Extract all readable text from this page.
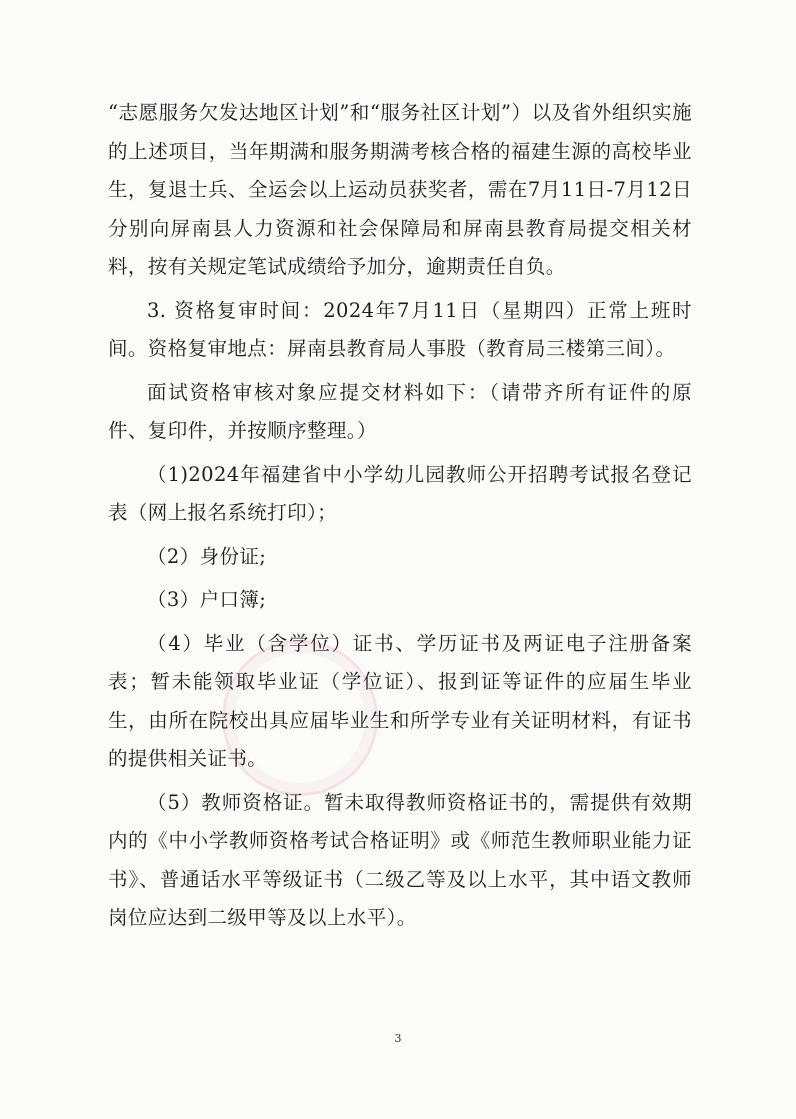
“志愿服务欠发达地区计划”和“服务社区计划”）以及省外组织实施的上述项目，当年期满和服务期满考核合格的福建生源的高校毕业生，复退士兵、全运会以上运动员获奖者，需在7月11日-7月12日分别向屏南县人力资源和社会保障局和屏南县教育局提交相关材料，按有关规定笔试成绩给予加分，逾期责任自负。

3. 资格复审时间：2024年7月11日（星期四）正常上班时间。资格复审地点：屏南县教育局人事股（教育局三楼第三间）。

面试资格审核对象应提交材料如下：（请带齐所有证件的原件、复印件，并按顺序整理。）

（1)2024年福建省中小学幼儿园教师公开招聘考试报名登记表（网上报名系统打印）；

（2）身份证;

（3）户口簿;

（4）毕业（含学位）证书、学历证书及两证电子注册备案表；暂未能领取毕业证（学位证）、报到证等证件的应届生毕业生，由所在院校出具应届毕业生和所学专业有关证明材料，有证书的提供相关证书。

（5）教师资格证。暂未取得教师资格证书的，需提供有效期内的《中小学教师资格考试合格证明》或《师范生教师职业能力证书》、普通话水平等级证书（二级乙等及以上水平，其中语文教师岗位应达到二级甲等及以上水平）。

3
